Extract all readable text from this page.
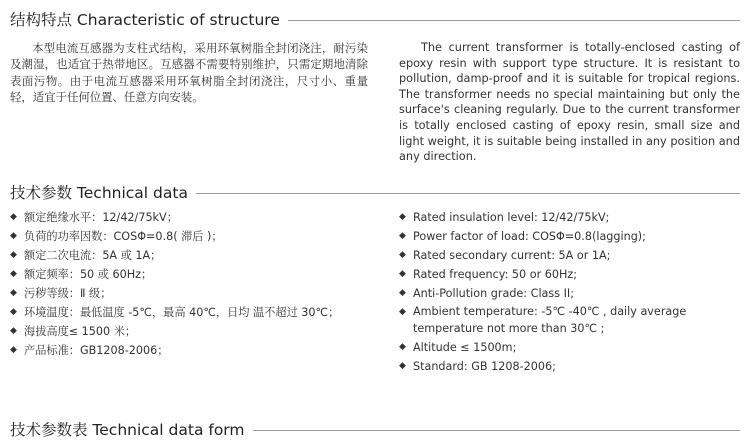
结构特点 Characteristic of structure
本型电流互感器为支柱式结构，采用环氧树脂全封闭浇注，耐污染及潮湿，也适宜于热带地区。互感器不需要特别维护，只需定期地清除表面污物。由于电流互感器采用环氧树脂全封闭浇注，尺寸小、重量轻，适宜于任何位置、任意方向安装。
The current transformer is totally-enclosed casting of epoxy resin with support type structure. It is resistant to pollution, damp-proof and it is suitable for tropical regions. The transformer needs no special maintaining but only the surface's cleaning regularly. Due to the current transformer is totally enclosed casting of epoxy resin, small size and light weight, it is suitable being installed in any position and any direction.
技术参数 Technical data
◆ 额定绝缘水平：12/42/75kV；
◆ 负荷的功率因数：COSΦ=0.8( 滞后 )；
◆ 额定二次电流：5A 或 1A；
◆ 额定频率：50 或 60Hz；
◆ 污秽等级：Ⅱ 级；
◆ 环境温度：最低温度 -5℃，最高 40℃，日均 温不超过 30℃；
◆ 海拔高度≤ 1500 米；
◆ 产品标准：GB1208-2006；
◆ Rated insulation level: 12/42/75kV;
◆ Power factor of load: COSΦ=0.8(lagging);
◆ Rated secondary current: 5A or 1A;
◆ Rated frequency: 50 or 60Hz;
◆ Anti-Pollution grade: Class II;
◆ Ambient temperature: -5℃ -40℃ , daily average temperature not more than 30℃ ;
◆ Altitude ≤ 1500m;
◆ Standard: GB 1208-2006;
技术参数表 Technical data form
